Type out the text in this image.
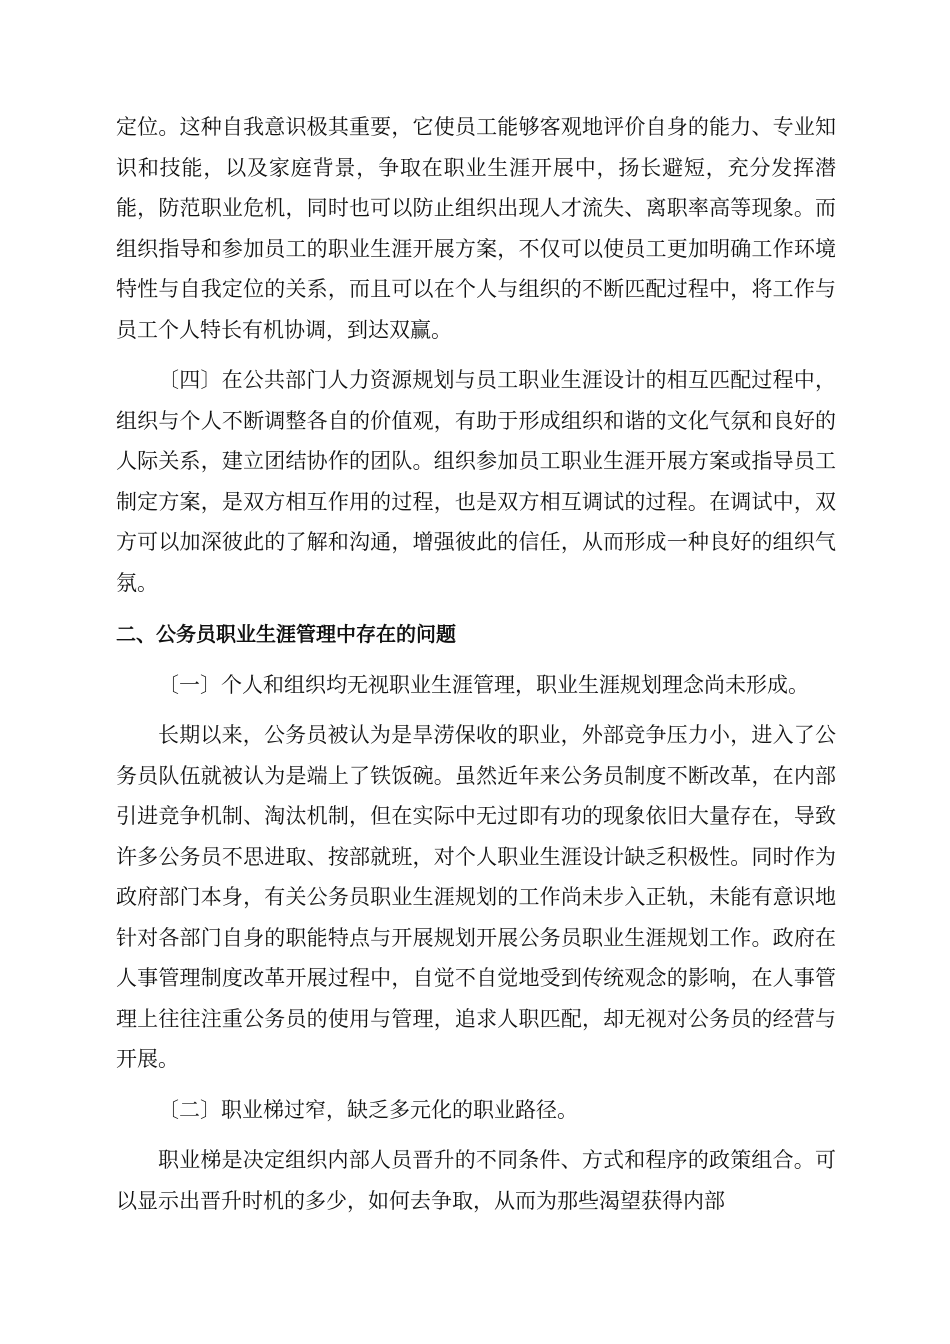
定位。这种自我意识极其重要，它使员工能够客观地评价自身的能力、专业知识和技能，以及家庭背景，争取在职业生涯开展中，扬长避短，充分发挥潜能，防范职业危机，同时也可以防止组织出现人才流失、离职率高等现象。而组织指导和参加员工的职业生涯开展方案，不仅可以使员工更加明确工作环境特性与自我定位的关系，而且可以在个人与组织的不断匹配过程中，将工作与员工个人特长有机协调，到达双赢。

〔四〕在公共部门人力资源规划与员工职业生涯设计的相互匹配过程中，组织与个人不断调整各自的价值观，有助于形成组织和谐的文化气氛和良好的人际关系，建立团结协作的团队。组织参加员工职业生涯开展方案或指导员工制定方案，是双方相互作用的过程，也是双方相互调试的过程。在调试中，双方可以加深彼此的了解和沟通，增强彼此的信任，从而形成一种良好的组织气氛。

二、公务员职业生涯管理中存在的问题

〔一〕个人和组织均无视职业生涯管理，职业生涯规划理念尚未形成。

长期以来，公务员被认为是旱涝保收的职业，外部竞争压力小，进入了公务员队伍就被认为是端上了铁饭碗。虽然近年来公务员制度不断改革，在内部引进竞争机制、淘汰机制，但在实际中无过即有功的现象依旧大量存在，导致许多公务员不思进取、按部就班，对个人职业生涯设计缺乏积极性。同时作为政府部门本身，有关公务员职业生涯规划的工作尚未步入正轨，未能有意识地针对各部门自身的职能特点与开展规划开展公务员职业生涯规划工作。政府在人事管理制度改革开展过程中，自觉不自觉地受到传统观念的影响，在人事管理上往往注重公务员的使用与管理，追求人职匹配，却无视对公务员的经营与开展。

〔二〕职业梯过窄，缺乏多元化的职业路径。

职业梯是决定组织内部人员晋升的不同条件、方式和程序的政策组合。可以显示出晋升时机的多少，如何去争取，从而为那些渴望获得内部
